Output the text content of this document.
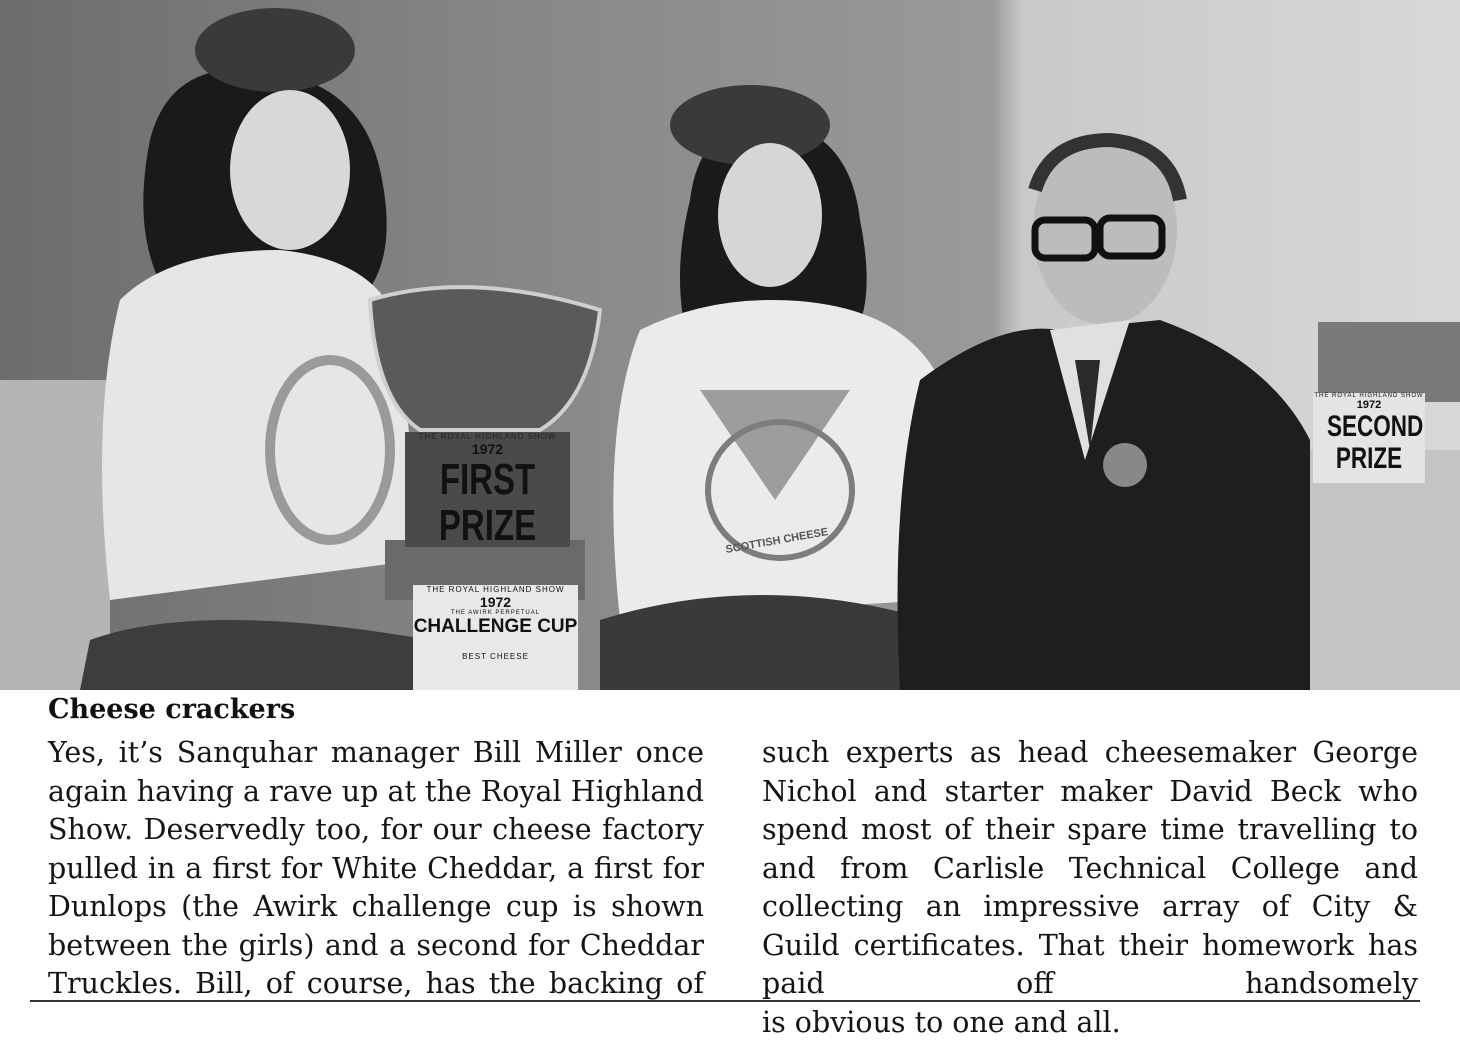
THE ROYAL HIGHLAND SHOW
1972
FIRST PRIZE
THE ROYAL HIGHLAND SHOW
1972
THE AWIRK PERPETUAL
CHALLENGE CUP
BEST CHEESE
THE ROYAL HIGHLAND SHOW
1972
SECOND PRIZE
SCOTTISH CHEESE
Cheese crackers
Yes, it’s Sanquhar manager Bill Miller once again having a rave up at the Royal Highland Show. Deservedly too, for our cheese factory pulled in a first for White Cheddar, a first for Dunlops (the Awirk challenge cup is shown between the girls) and a second for Cheddar Truckles. Bill, of course, has the backing of
such experts as head cheesemaker George Nichol and starter maker David Beck who spend most of their spare time travelling to and from Carlisle Technical College and collecting an impressive array of City & Guild certificates. That their homework has paid off handsomely
is obvious to one and all.
